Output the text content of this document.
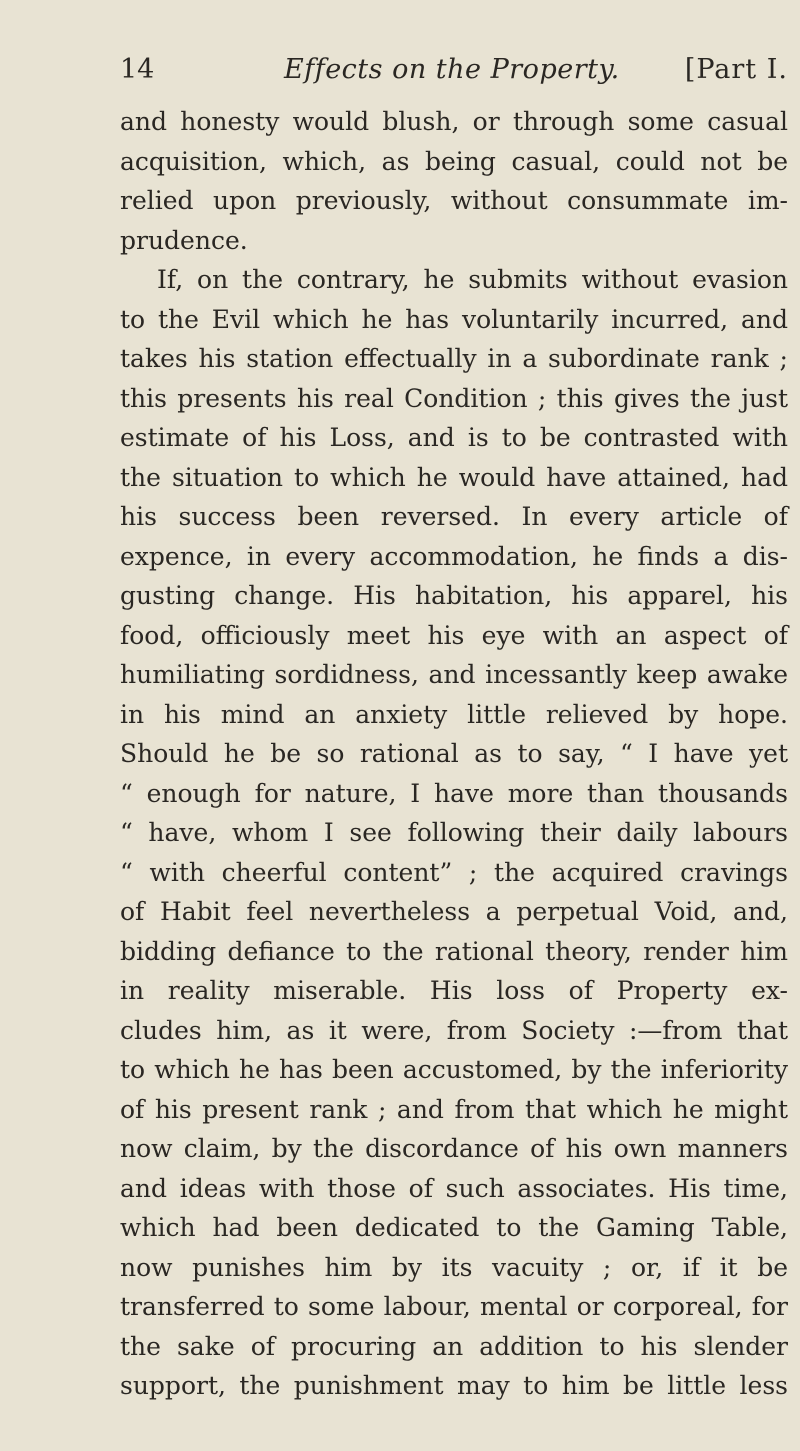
14	Effects on the Property. [Part I.
and honesty would blush, or through some casual
acquisition, which, as being casual, could not be
relied upon previously, without consummate im-
prudence.
If, on the contrary, he submits without evasion
to the Evil which he has voluntarily incurred, and
takes his station effectually in a subordinate rank ;
this presents his real Condition ; this gives the just
estimate of his Loss, and is to be contrasted with
the situation to which he would have attained, had
his success been reversed. In every article of
expence, in every accommodation, he finds a dis-
gusting change. His habitation, his apparel, his
food, officiously meet his eye with an aspect of
humiliating sordidness, and incessantly keep awake
in his mind an anxiety little relieved by hope.
Should he be so rational as to say, “ I have yet
“ enough for nature, I have more than thousands
“ have, whom I see following their daily labours
“ with cheerful content” ; the acquired cravings
of Habit feel nevertheless a perpetual Void, and,
bidding defiance to the rational theory, render him
in reality miserable. His loss of Property ex-
cludes him, as it were, from Society :—from that
to which he has been accustomed, by the inferiority
of his present rank ; and from that which he might
now claim, by the discordance of his own manners
and ideas with those of such associates. His time,
which had been dedicated to the Gaming Table,
now punishes him by its vacuity ; or, if it be
transferred to some labour, mental or corporeal, for
the sake of procuring an addition to his slender
support, the punishment may to him be little less
